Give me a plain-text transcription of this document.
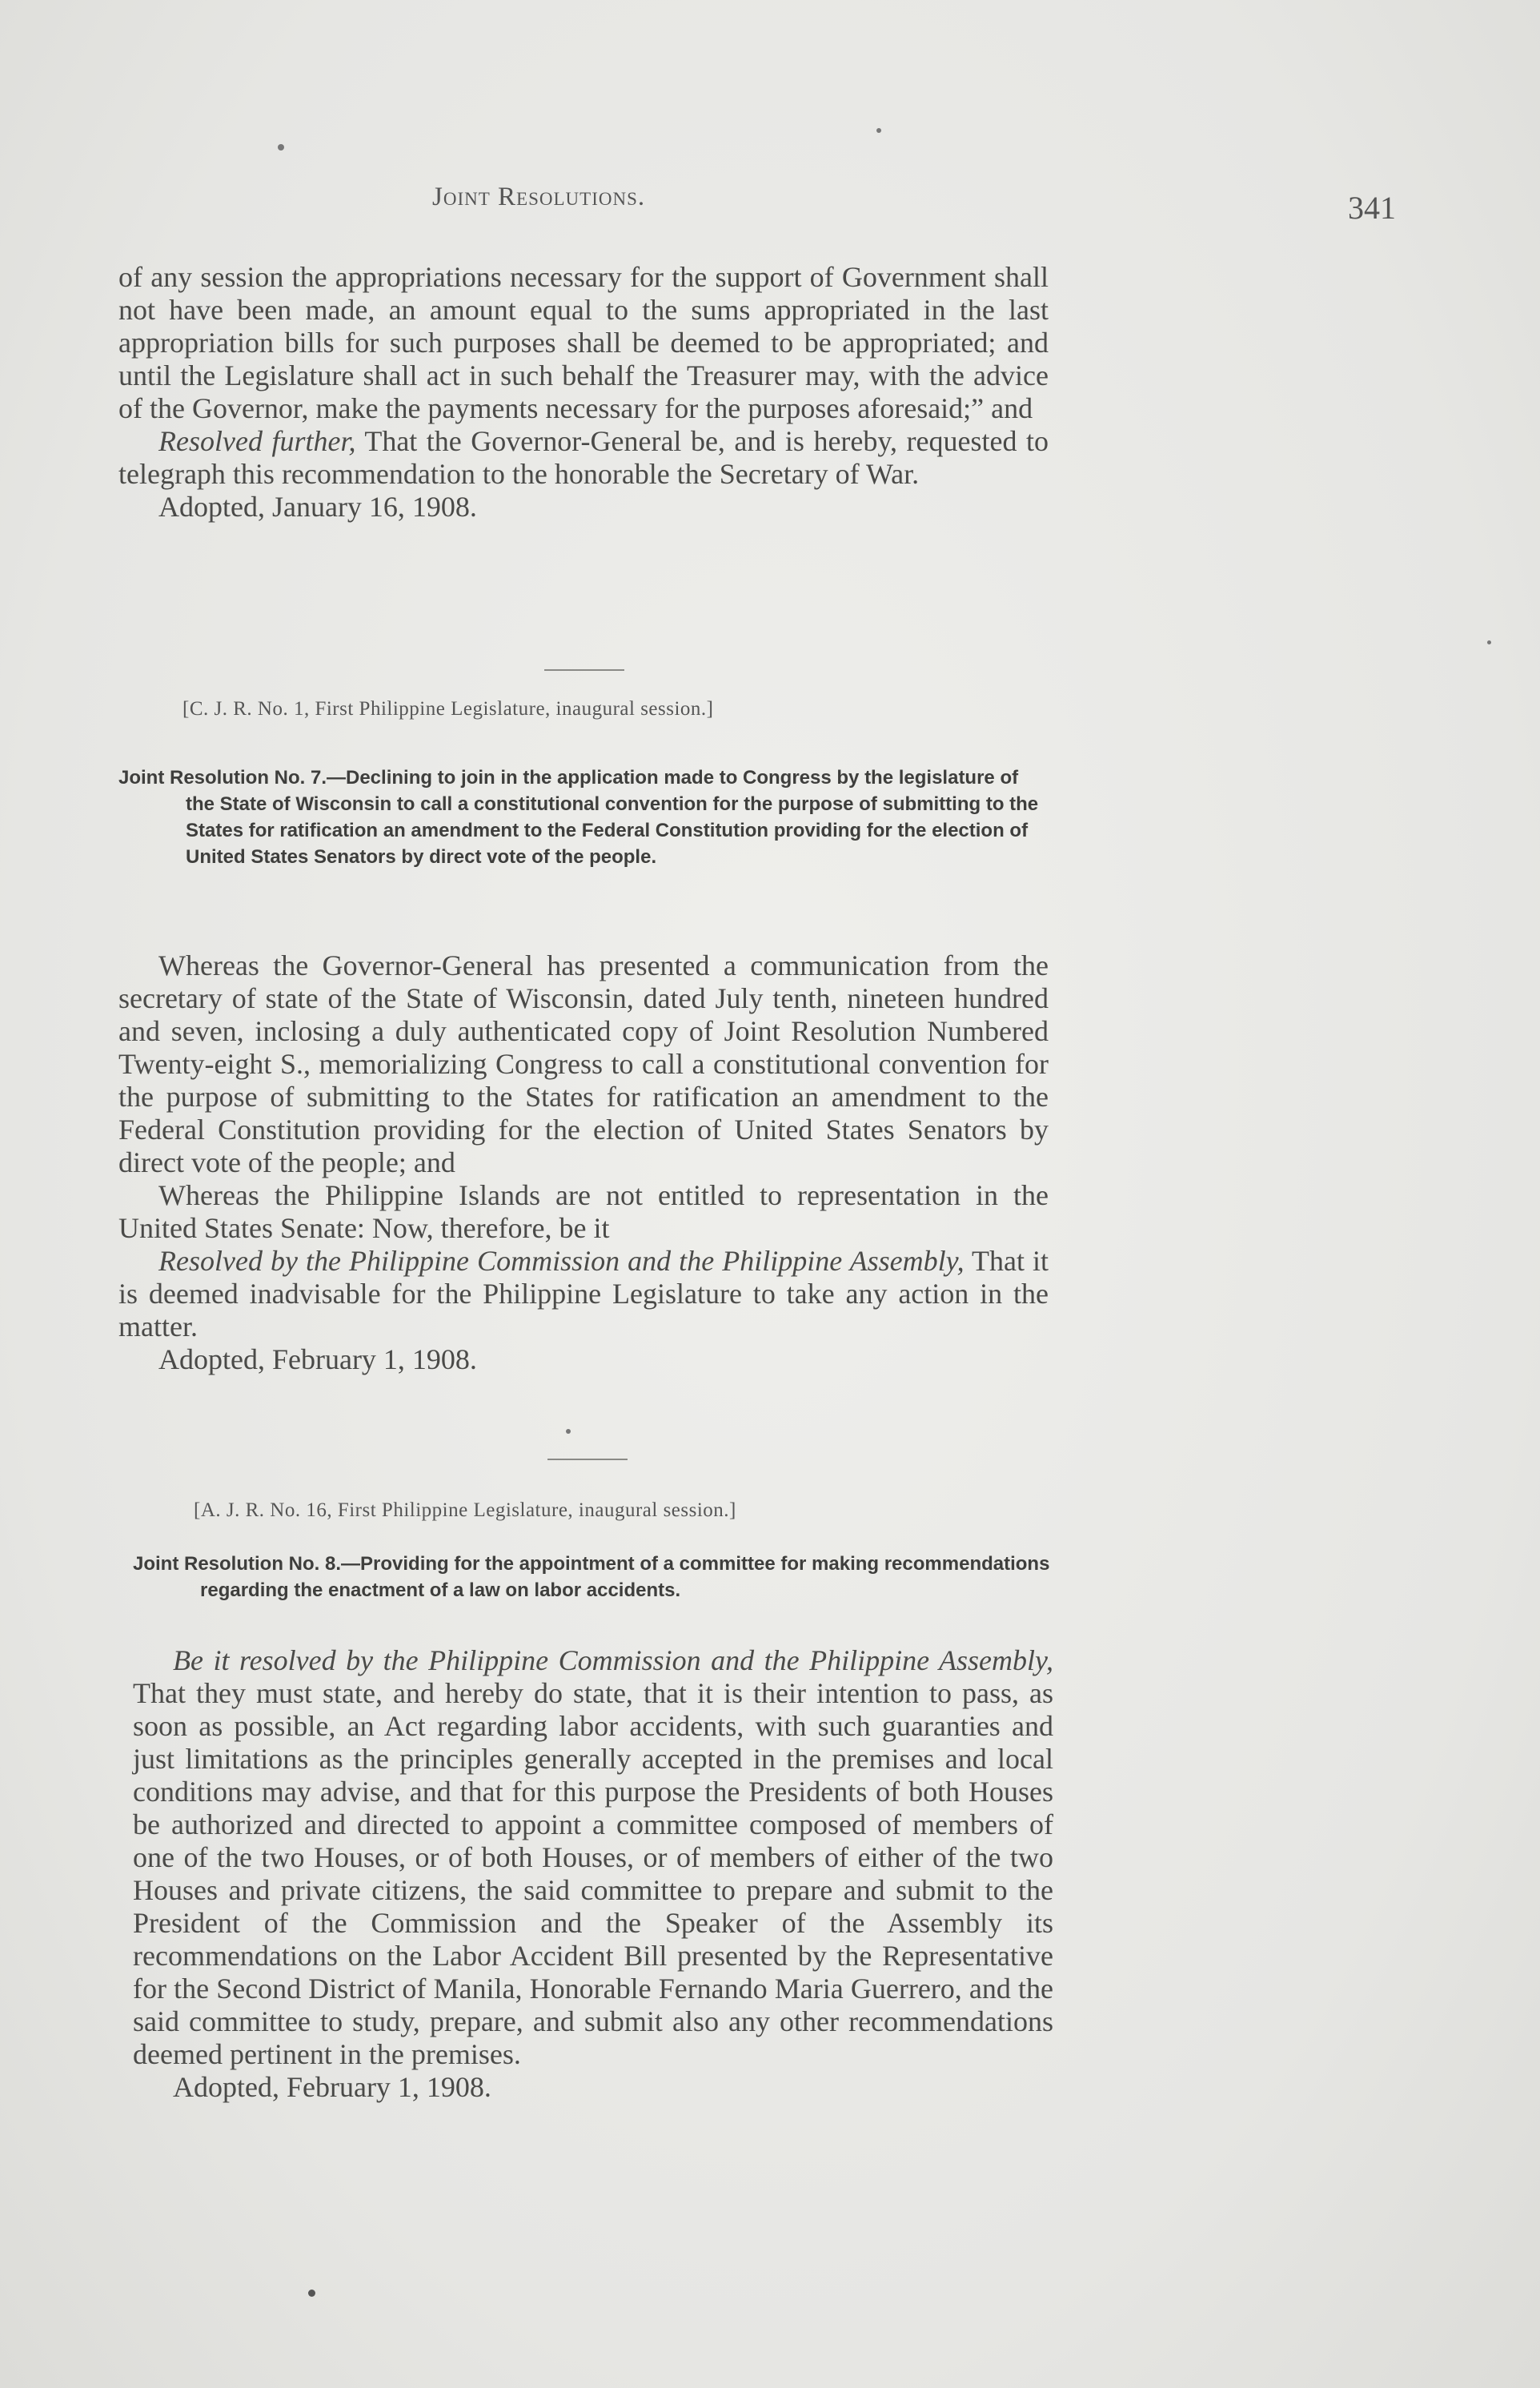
Joint Resolutions.	341

of any session the appropriations necessary for the support of Government shall not have been made, an amount equal to the sums appropriated in the last appropriation bills for such purposes shall be deemed to be appropriated; and until the Legislature shall act in such behalf the Treasurer may, with the advice of the Governor, make the payments necessary for the purposes aforesaid;” and

Resolved further, That the Governor-General be, and is hereby, requested to telegraph this recommendation to the honorable the Secretary of War.

Adopted, January 16, 1908.
[C. J. R. No. 1, First Philippine Legislature, inaugural session.]
Joint Resolution No. 7.—Declining to join in the application made to Congress by the legislature of the State of Wisconsin to call a constitutional convention for the purpose of submitting to the States for ratification an amendment to the Federal Constitution providing for the election of United States Senators by direct vote of the people.

Whereas the Governor-General has presented a communication from the secretary of state of the State of Wisconsin, dated July tenth, nineteen hundred and seven, inclosing a duly authenticated copy of Joint Resolution Numbered Twenty-eight S., memorializing Congress to call a constitutional convention for the purpose of submitting to the States for ratification an amendment to the Federal Constitution providing for the election of United States Senators by direct vote of the people; and

Whereas the Philippine Islands are not entitled to representation in the United States Senate: Now, therefore, be it

Resolved by the Philippine Commission and the Philippine Assembly, That it is deemed inadvisable for the Philippine Legislature to take any action in the matter.

Adopted, February 1, 1908.
[A. J. R. No. 16, First Philippine Legislature, inaugural session.]
Joint Resolution No. 8.—Providing for the appointment of a committee for making recommendations regarding the enactment of a law on labor accidents.

Be it resolved by the Philippine Commission and the Philippine Assembly, That they must state, and hereby do state, that it is their intention to pass, as soon as possible, an Act regarding labor accidents, with such guaranties and just limitations as the principles generally accepted in the premises and local conditions may advise, and that for this purpose the Presidents of both Houses be authorized and directed to appoint a committee composed of members of one of the two Houses, or of both Houses, or of members of either of the two Houses and private citizens, the said committee to prepare and submit to the President of the Commission and the Speaker of the Assembly its recommendations on the Labor Accident Bill presented by the Representative for the Second District of Manila, Honorable Fernando Maria Guerrero, and the said committee to study, prepare, and submit also any other recommendations deemed pertinent in the premises.

Adopted, February 1, 1908.
